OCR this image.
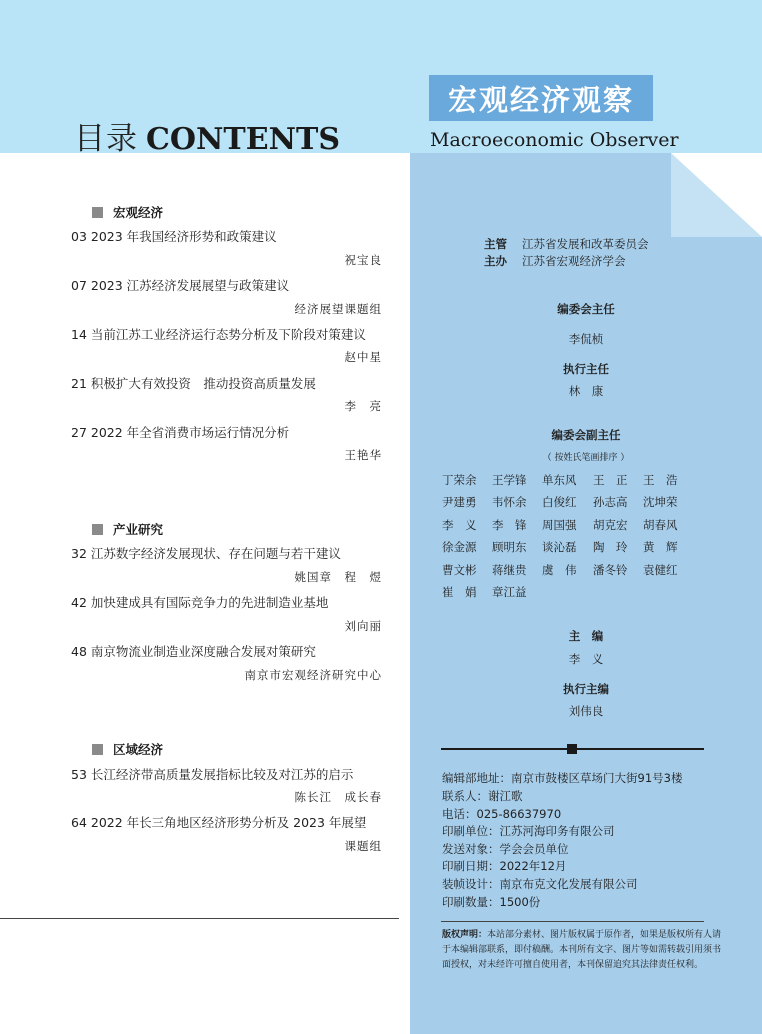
目录 CONTENTS
宏观经济观察
Macroeconomic Observer
宏观经济
03 2023 年我国经济形势和政策建议
祝宝良
07 2023 江苏经济发展展望与政策建议
经济展望课题组
14 当前江苏工业经济运行态势分析及下阶段对策建议
赵中星
21 积极扩大有效投资　推动投资高质量发展
李　亮
27 2022 年全省消费市场运行情况分析
王艳华
产业研究
32 江苏数字经济发展现状、存在问题与若干建议
姚国章　程　煜
42 加快建成具有国际竞争力的先进制造业基地
刘向丽
48 南京物流业制造业深度融合发展对策研究
南京市宏观经济研究中心
区域经济
53 长江经济带高质量发展指标比较及对江苏的启示
陈长江　成长春
64 2022 年长三角地区经济形势分析及 2023 年展望
课题组
主管 江苏省发展和改革委员会
主办 江苏省宏观经济学会
编委会主任
李侃桢
执行主任
林　康
编委会副主任
（ 按姓氏笔画排序 ）
丁荣余 王学锋 单东风 王　正 王　浩
尹建勇 韦怀余 白俊红 孙志高 沈坤荣
李　义 李　锋 周国强 胡克宏 胡春风
徐金源 顾明东 谈沁磊 陶　玲 黄　辉
曹文彬 蒋继贵 虞　伟 潘冬铃 袁健红
崔　娟 章江益
主　编
李　义
执行主编
刘伟良
编辑部地址：南京市鼓楼区草场门大街91号3楼
联系人：谢江歌
电话：025-86637970
印刷单位：江苏河海印务有限公司
发送对象：学会会员单位
印刷日期：2022年12月
装帧设计：南京布克文化发展有限公司
印刷数量：1500份
版权声明：本站部分素材、图片版权属于原作者，如果是版权所有人请于本编辑部联系，即付稿酬。本刊所有文字、图片等如需转载引用须书面授权，对未经许可擅自使用者，本刊保留追究其法律责任权利。
